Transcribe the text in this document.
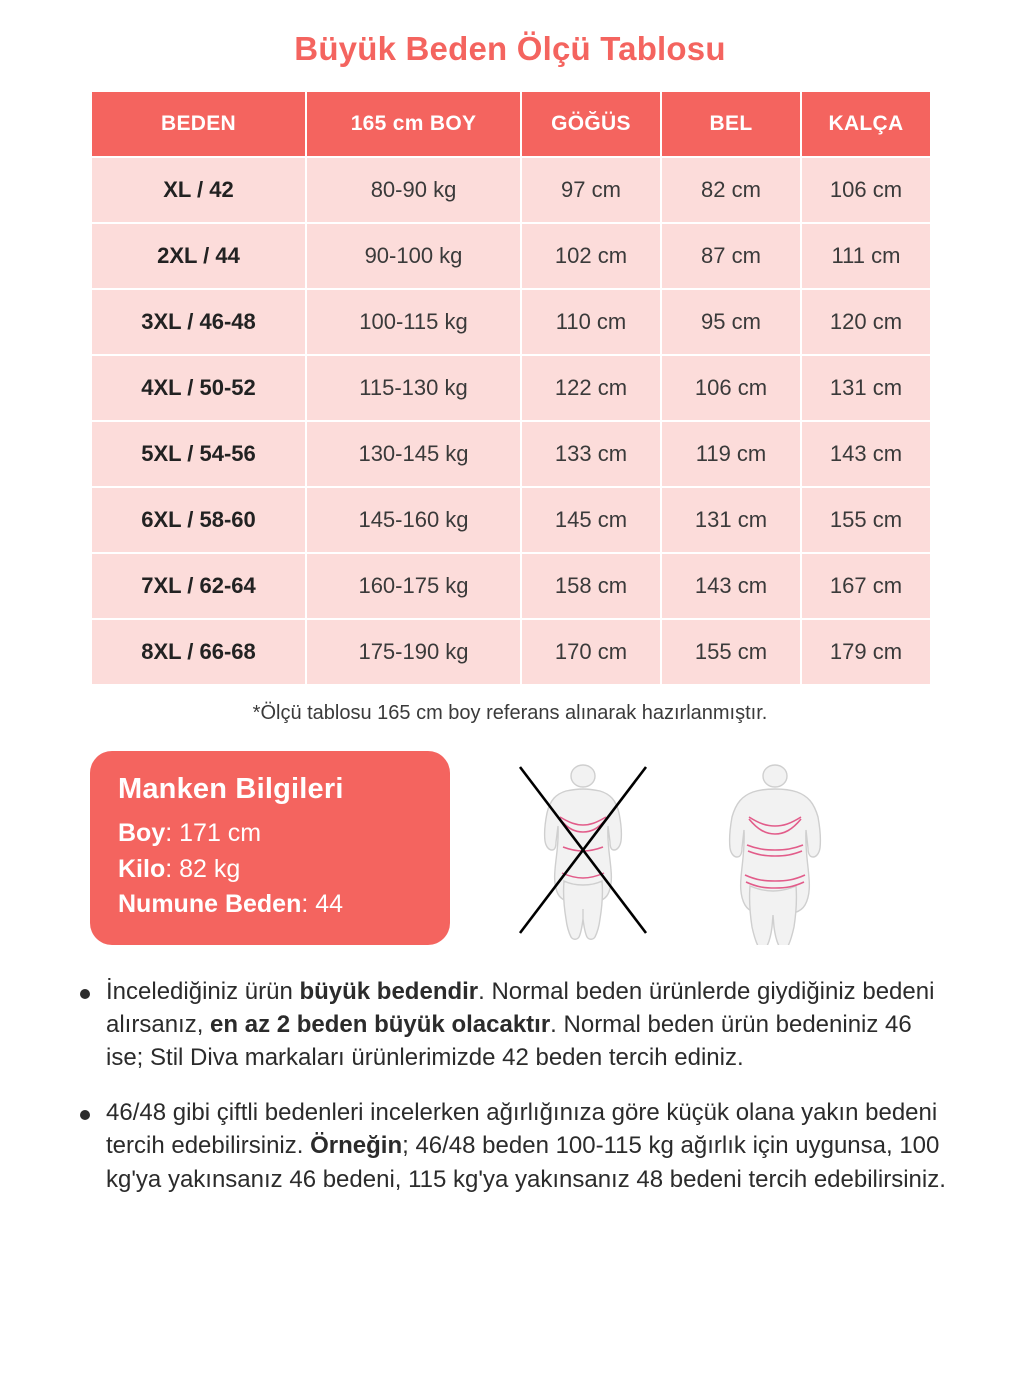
Büyük Beden Ölçü Tablosu
BEDEN	165 cm BOY	GÖĞÜS	BEL	KALÇA
XL / 42	80-90 kg	97 cm	82 cm	106 cm
2XL / 44	90-100 kg	102 cm	87 cm	111 cm
3XL / 46-48	100-115 kg	110 cm	95 cm	120 cm
4XL / 50-52	115-130 kg	122 cm	106 cm	131 cm
5XL / 54-56	130-145 kg	133 cm	119 cm	143 cm
6XL / 58-60	145-160 kg	145 cm	131 cm	155 cm
7XL / 62-64	160-175 kg	158 cm	143 cm	167 cm
8XL / 66-68	175-190 kg	170 cm	155 cm	179 cm
*Ölçü tablosu 165 cm boy referans alınarak hazırlanmıştır.
Manken Bilgileri
Boy: 171 cm
Kilo: 82 kg
Numune Beden: 44
İncelediğiniz ürün büyük bedendir. Normal beden ürünlerde giydiğiniz bedeni alırsanız, en az 2 beden büyük olacaktır. Normal beden ürün bedeniniz 46 ise; Stil Diva markaları ürünlerimizde 42 beden tercih ediniz.
46/48 gibi çiftli bedenleri incelerken ağırlığınıza göre küçük olana yakın bedeni tercih edebilirsiniz. Örneğin; 46/48 beden 100-115 kg ağırlık için uygunsa, 100 kg'ya yakınsanız 46 bedeni, 115 kg'ya yakınsanız 48 bedeni tercih edebilirsiniz.
